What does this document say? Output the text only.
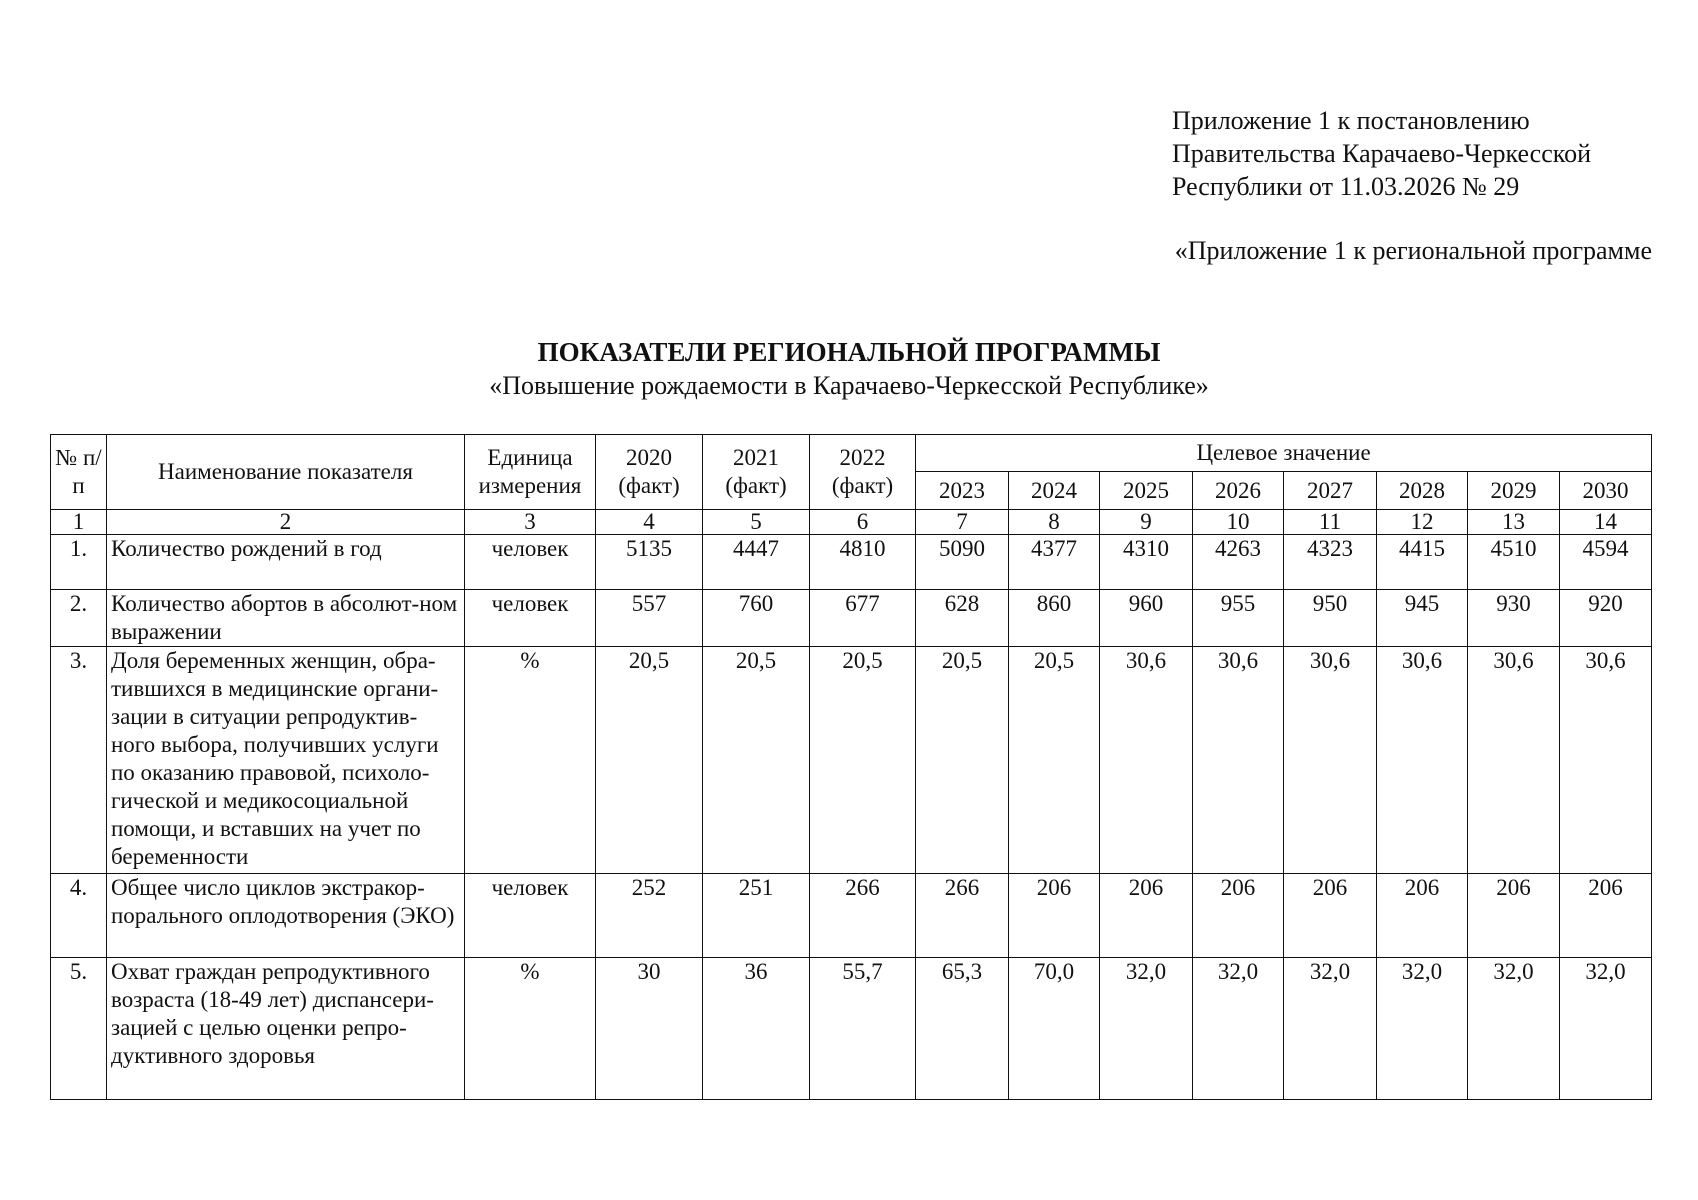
Приложение 1 к постановлению
Правительства Карачаево-Черкесской
Республики от 11.03.2026 № 29
«Приложение 1 к региональной программе
ПОКАЗАТЕЛИ РЕГИОНАЛЬНОЙ ПРОГРАММЫ
«Повышение рождаемости в Карачаево-Черкесской Республике»
№ п/п	Наименование показателя	Единица измерения	2020 (факт)	2021 (факт)	2022 (факт)	Целевое значение							
						2023	2024	2025	2026	2027	2028	2029	2030
1	2	3	4	5	6	7	8	9	10	11	12	13	14
1.	Количество рождений в год	человек	5135	4447	4810	5090	4377	4310	4263	4323	4415	4510	4594
2.	Количество абортов в абсолют-ном выражении	человек	557	760	677	628	860	960	955	950	945	930	920
3.	Доля беременных женщин, обра-тившихся в медицинские органи-зации в ситуации репродуктив-ного выбора, получивших услуги по оказанию правовой, психоло-гической и медикосоциальной помощи, и вставших на учет по беременности	%	20,5	20,5	20,5	20,5	20,5	30,6	30,6	30,6	30,6	30,6	30,6
4.	Общее число циклов экстракор-порального оплодотворения (ЭКО)	человек	252	251	266	266	206	206	206	206	206	206	206
5.	Охват граждан репродуктивного возраста (18-49 лет) диспансери-зацией с целью оценки репро-дуктивного здоровья	%	30	36	55,7	65,3	70,0	32,0	32,0	32,0	32,0	32,0	32,0
